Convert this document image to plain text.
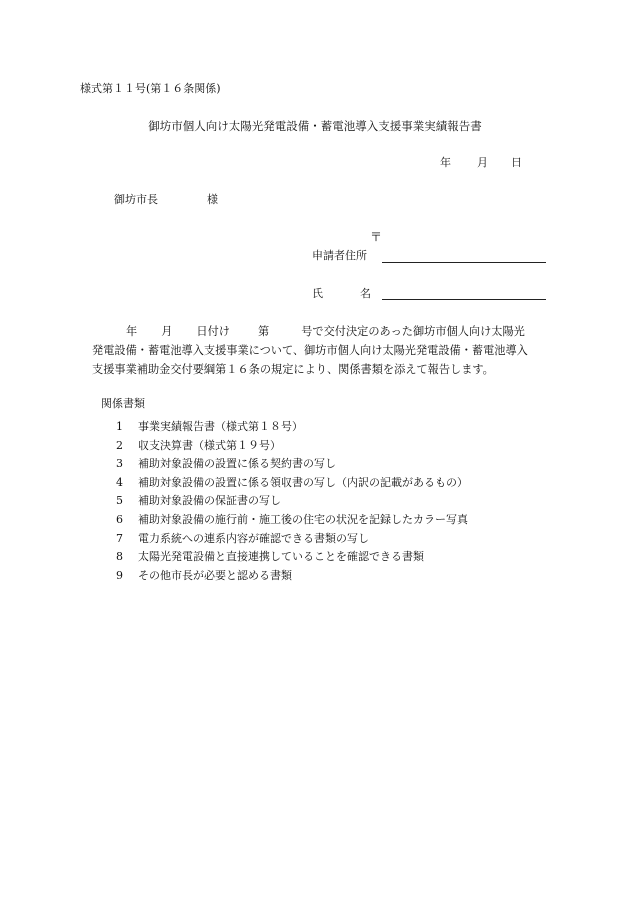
様式第１１号(第１６条関係)
御坊市個人向け太陽光発電設備・蓄電池導入支援事業実績報告書
年 月 日
御坊市長	様
〒
申請者住所
氏	名
年 月 日付け	第	号で交付決定のあった御坊市個人向け太陽光
発電設備・蓄電池導入支援事業について、御坊市個人向け太陽光発電設備・蓄電池導入
支援事業補助金交付要綱第１６条の規定により、関係書類を添えて報告します。
関係書類
1	事業実績報告書（様式第１８号）
2	収支決算書（様式第１９号）
3	補助対象設備の設置に係る契約書の写し
4	補助対象設備の設置に係る領収書の写し（内訳の記載があるもの）
5	補助対象設備の保証書の写し
6	補助対象設備の施行前・施工後の住宅の状況を記録したカラー写真
7	電力系統への連系内容が確認できる書類の写し
8	太陽光発電設備と直接連携していることを確認できる書類
9	その他市長が必要と認める書類
